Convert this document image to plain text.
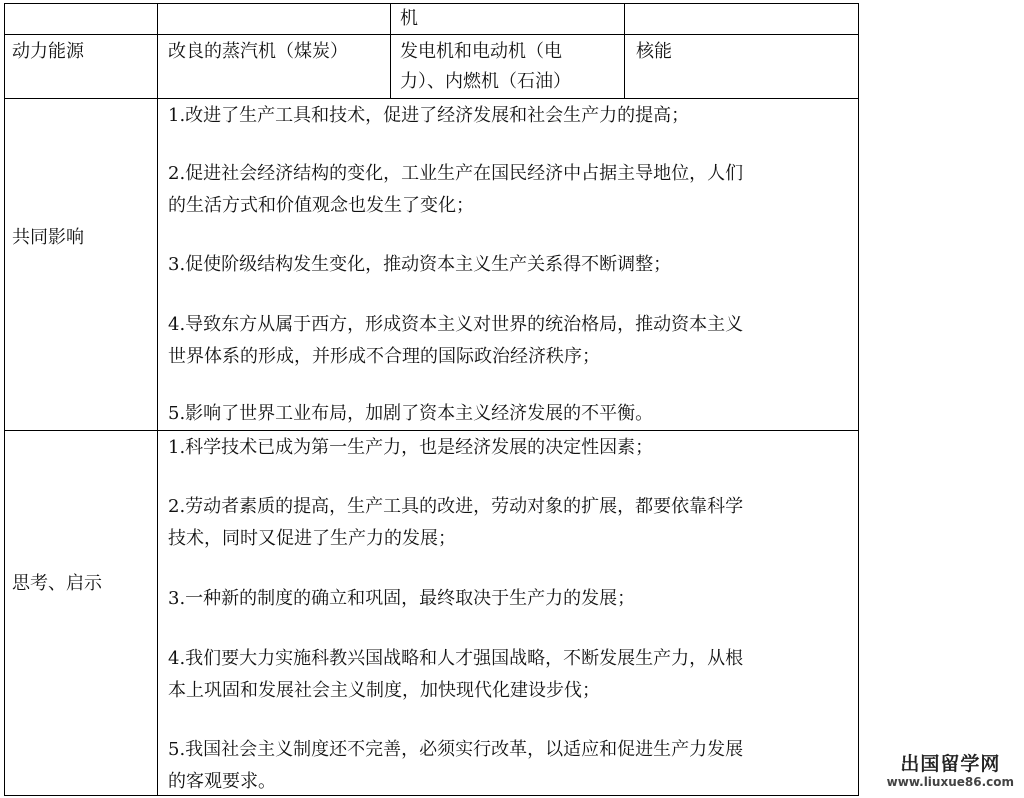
机
动力能源	改良的蒸汽机（煤炭）	发电机和电动机（电
力）、内燃机（石油）
核能
共同影响
1.改进了生产工具和技术，促进了经济发展和社会生产力的提高；
2.促进社会经济结构的变化，工业生产在国民经济中占据主导地位，人们
的生活方式和价值观念也发生了变化；
3.促使阶级结构发生变化，推动资本主义生产关系得不断调整；
4.导致东方从属于西方，形成资本主义对世界的统治格局，推动资本主义
世界体系的形成，并形成不合理的国际政治经济秩序；
5.影响了世界工业布局，加剧了资本主义经济发展的不平衡。
思考、启示
1.科学技术已成为第一生产力，也是经济发展的决定性因素；
2.劳动者素质的提高，生产工具的改进，劳动对象的扩展，都要依靠科学
技术，同时又促进了生产力的发展；
3.一种新的制度的确立和巩固，最终取决于生产力的发展；
4.我们要大力实施科教兴国战略和人才强国战略，不断发展生产力，从根
本上巩固和发展社会主义制度，加快现代化建设步伐；
5.我国社会主义制度还不完善，必须实行改革，以适应和促进生产力发展
的客观要求。
出国留学网
www.liuxue86.com
